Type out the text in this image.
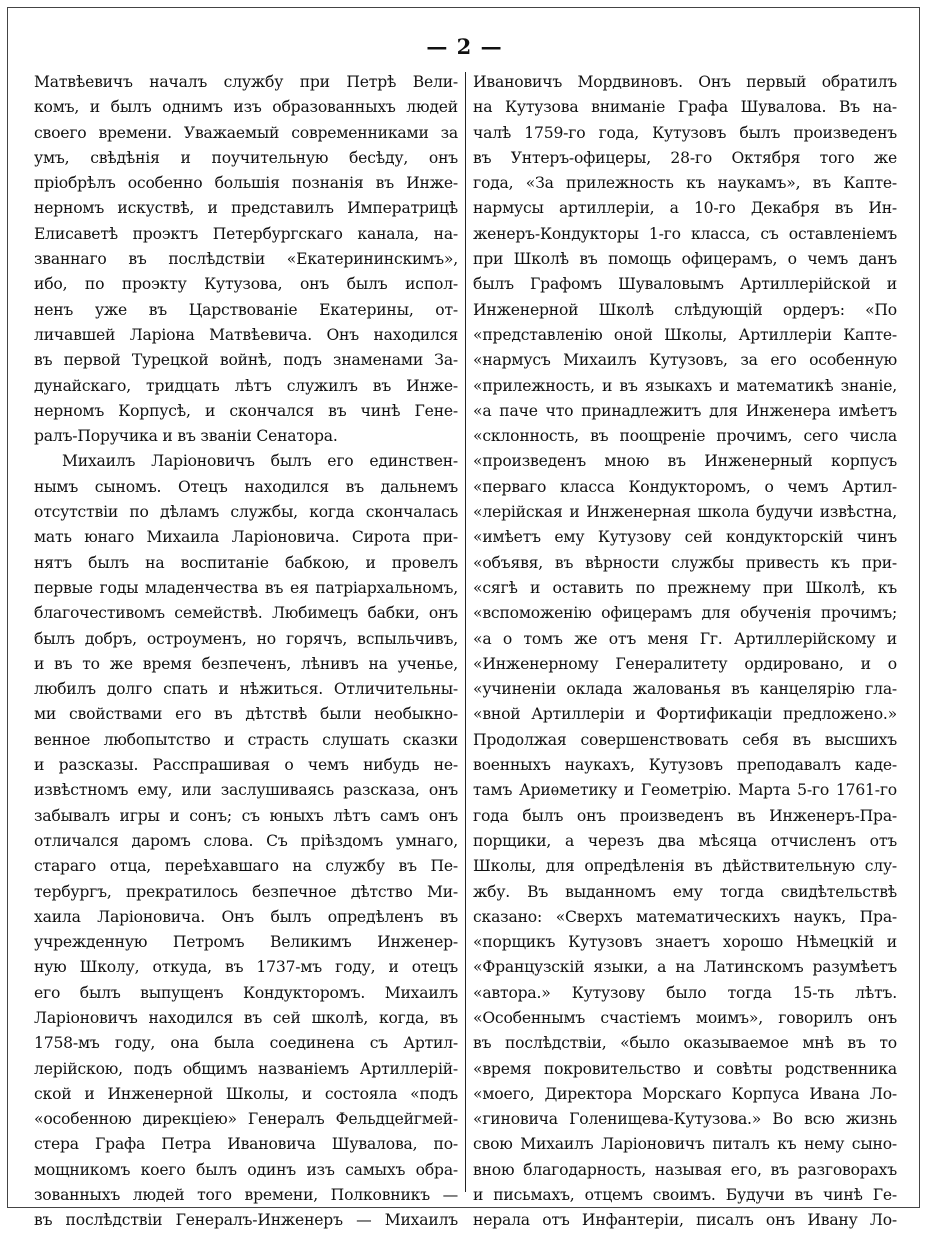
— 2 —
Матвѣевичъ началъ службу при Петрѣ Вели-
комъ, и былъ однимъ изъ образованныхъ людей
своего времени. Уважаемый современниками за
умъ, свѣдѣнія и поучительную бесѣду, онъ
пріобрѣлъ особенно большія познанія въ Инже-
нерномъ искуствѣ, и представилъ Императрицѣ
Елисаветѣ проэктъ Петербургскаго канала, на-
званнаго въ послѣдствіи «Екатерининскимъ»,
ибо, по проэкту Кутузова, онъ былъ испол-
ненъ уже въ Царствованіе Екатерины, от-
личавшей Ларіона Матвѣевича. Онъ находился
въ первой Турецкой войнѣ, подъ знаменами За-
дунайскаго, тридцать лѣтъ служилъ въ Инже-
нерномъ Корпусѣ, и скончался въ чинѣ Гене-
ралъ-Поручика и въ званіи Сенатора.
Михаилъ Ларіоновичъ былъ его единствен-
нымъ сыномъ. Отецъ находился въ дальнемъ
отсутствіи по дѣламъ службы, когда скончалась
мать юнаго Михаила Ларіоновича. Сирота при-
нятъ былъ на воспитаніе бабкою, и провелъ
первые годы младенчества въ ея патріархальномъ,
благочестивомъ семействѣ. Любимецъ бабки, онъ
былъ добръ, остроуменъ, но горячъ, вспыльчивъ,
и въ то же время безпеченъ, лѣнивъ на ученье,
любилъ долго спать и нѣжиться. Отличительны-
ми свойствами его въ дѣтствѣ были необыкно-
венное любопытство и страсть слушать сказки
и разсказы. Расспрашивая о чемъ нибудь не-
извѣстномъ ему, или заслушиваясь разсказа, онъ
забывалъ игры и сонъ; съ юныхъ лѣтъ самъ онъ
отличался даромъ слова. Съ пріѣздомъ умнаго,
стараго отца, переѣхавшаго на службу въ Пе-
тербургъ, прекратилось безпечное дѣтство Ми-
хаила Ларіоновича. Онъ былъ опредѣленъ въ
учрежденную Петромъ Великимъ Инженер-
ную Школу, откуда, въ 1737-мъ году, и отецъ
его былъ выпущенъ Кондукторомъ. Михаилъ
Ларіоновичъ находился въ сей школѣ, когда, въ
1758-мъ году, она была соединена съ Артил-
лерійскою, подъ общимъ названіемъ Артиллерій-
ской и Инженерной Школы, и состояла «подъ
«особенною дирекціею» Генералъ Фельдцейгмей-
стера Графа Петра Ивановича Шувалова, по-
мощникомъ коего былъ одинъ изъ самыхъ обра-
зованныхъ людей того времени, Полковникъ —
въ послѣдствіи Генералъ-Инженеръ — Михаилъ
Ивановичъ Мордвиновъ. Онъ первый обратилъ
на Кутузова вниманіе Графа Шувалова. Въ на-
чалѣ 1759-го года, Кутузовъ былъ произведенъ
въ Унтеръ-офицеры, 28-го Октября того же
года, «За прилежность къ наукамъ», въ Капте-
нармусы артиллеріи, а 10-го Декабря въ Ин-
женеръ-Кондукторы 1-го класса, съ оставленіемъ
при Школѣ въ помощь офицерамъ, о чемъ данъ
былъ Графомъ Шуваловымъ Артиллерійской и
Инженерной Школѣ слѣдующій ордеръ: «По
«представленію оной Школы, Артиллеріи Капте-
«нармусъ Михаилъ Кутузовъ, за его особенную
«прилежность, и въ языкахъ и математикѣ знаніе,
«а паче что принадлежитъ для Инженера имѣетъ
«склонность, въ поощреніе прочимъ, сего числа
«произведенъ мною въ Инженерный корпусъ
«перваго класса Кондукторомъ, о чемъ Артил-
«лерійская и Инженерная школа будучи извѣстна,
«имѣетъ ему Кутузову сей кондукторскій чинъ
«объявя, въ вѣрности службы привесть къ при-
«сягѣ и оставить по прежнему при Школѣ, къ
«вспоможенію офицерамъ для обученія прочимъ;
«а о томъ же отъ меня Гг. Артиллерійскому и
«Инженерному Генералитету ордировано, и о
«учиненіи оклада жалованья въ канцелярію гла-
«вной Артиллеріи и Фортификаціи предложено.»
Продолжая совершенствовать себя въ высшихъ
военныхъ наукахъ, Кутузовъ преподавалъ каде-
тамъ Ариѳметику и Геометрію. Марта 5-го 1761-го
года былъ онъ произведенъ въ Инженеръ-Пра-
порщики, а черезъ два мѣсяца отчисленъ отъ
Школы, для опредѣленія въ дѣйствительную слу-
жбу. Въ выданномъ ему тогда свидѣтельствѣ
сказано: «Сверхъ математическихъ наукъ, Пра-
«порщикъ Кутузовъ знаетъ хорошо Нѣмецкій и
«Французскій языки, а на Латинскомъ разумѣетъ
«автора.» Кутузову было тогда 15-ть лѣтъ.
«Особеннымъ счастіемъ моимъ», говорилъ онъ
въ послѣдствіи, «было оказываемое мнѣ въ то
«время покровительство и совѣты родственника
«моего, Директора Морскаго Корпуса Ивана Ло-
«гиновича Голенищева-Кутузова.» Во всю жизнь
свою Михаилъ Ларіоновичъ питалъ къ нему сыно-
вною благодарность, называя его, въ разговорахъ
и письмахъ, отцемъ своимъ. Будучи въ чинѣ Ге-
нерала отъ Инфантеріи, писалъ онъ Ивану Ло-
